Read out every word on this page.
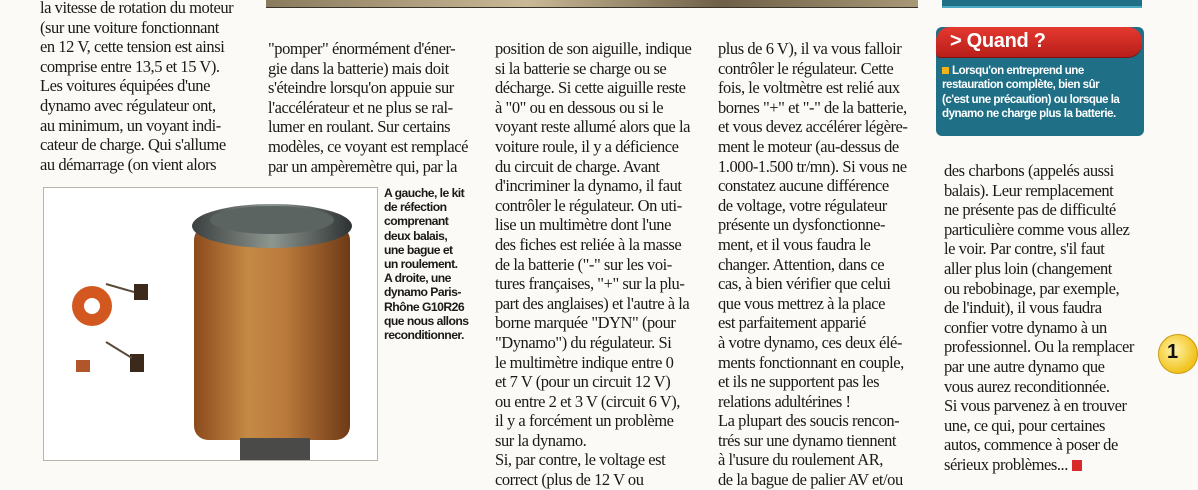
la vitesse de rotation du moteur
(sur une voiture fonctionnant
en 12 V, cette tension est ainsi
comprise entre 13,5 et 15 V).
Les voitures équipées d'une
dynamo avec régulateur ont,
au minimum, un voyant indi-
cateur de charge. Qui s'allume
au démarrage (on vient alors
"pomper" énormément d'éner-
gie dans la batterie) mais doit
s'éteindre lorsqu'on appuie sur
l'accélérateur et ne plus se ral-
lumer en roulant. Sur certains
modèles, ce voyant est remplacé
par un ampèremètre qui, par la
position de son aiguille, indique
si la batterie se charge ou se
décharge. Si cette aiguille reste
à "0" ou en dessous ou si le
voyant reste allumé alors que la
voiture roule, il y a déficience
du circuit de charge. Avant
d'incriminer la dynamo, il faut
contrôler le régulateur. On uti-
lise un multimètre dont l'une
des fiches est reliée à la masse
de la batterie ("-" sur les voi-
tures françaises, "+" sur la plu-
part des anglaises) et l'autre à la
borne marquée "DYN" (pour
"Dynamo") du régulateur. Si
le multimètre indique entre 0
et 7 V (pour un circuit 12 V)
ou entre 2 et 3 V (circuit 6 V),
il y a forcément un problème
sur la dynamo.
Si, par contre, le voltage est
correct (plus de 12 V ou
plus de 6 V), il va vous falloir
contrôler le régulateur. Cette
fois, le voltmètre est relié aux
bornes "+" et "-" de la batterie,
et vous devez accélérer légère-
ment le moteur (au-dessus de
1.000-1.500 tr/mn). Si vous ne
constatez aucune différence
de voltage, votre régulateur
présente un dysfonctionne-
ment, et il vous faudra le
changer. Attention, dans ce
cas, à bien vérifier que celui
que vous mettrez à la place
est parfaitement apparié
à votre dynamo, ces deux élé-
ments fonctionnant en couple,
et ils ne supportent pas les
relations adultérines !
La plupart des soucis rencon-
trés sur une dynamo tiennent
à l'usure du roulement AR,
de la bague de palier AV et/ou
des charbons (appelés aussi
balais). Leur remplacement
ne présente pas de difficulté
particulière comme vous allez
le voir. Par contre, s'il faut
aller plus loin (changement
ou rebobinage, par exemple,
de l'induit), il vous faudra
confier votre dynamo à un
professionnel. Ou la remplacer
par une autre dynamo que
vous aurez reconditionnée.
Si vous parvenez à en trouver
une, ce qui, pour certaines
autos, commence à poser de
sérieux problèmes...
A gauche, le kit
de réfection
comprenant
deux balais,
une bague et
un roulement.
A droite, une
dynamo Paris-
Rhône G10R26
que nous allons
reconditionner.
> Quand ?
Lorsqu'on entreprend une
restauration complète, bien sûr
(c'est une précaution) ou lorsque la
dynamo ne charge plus la batterie.
1
